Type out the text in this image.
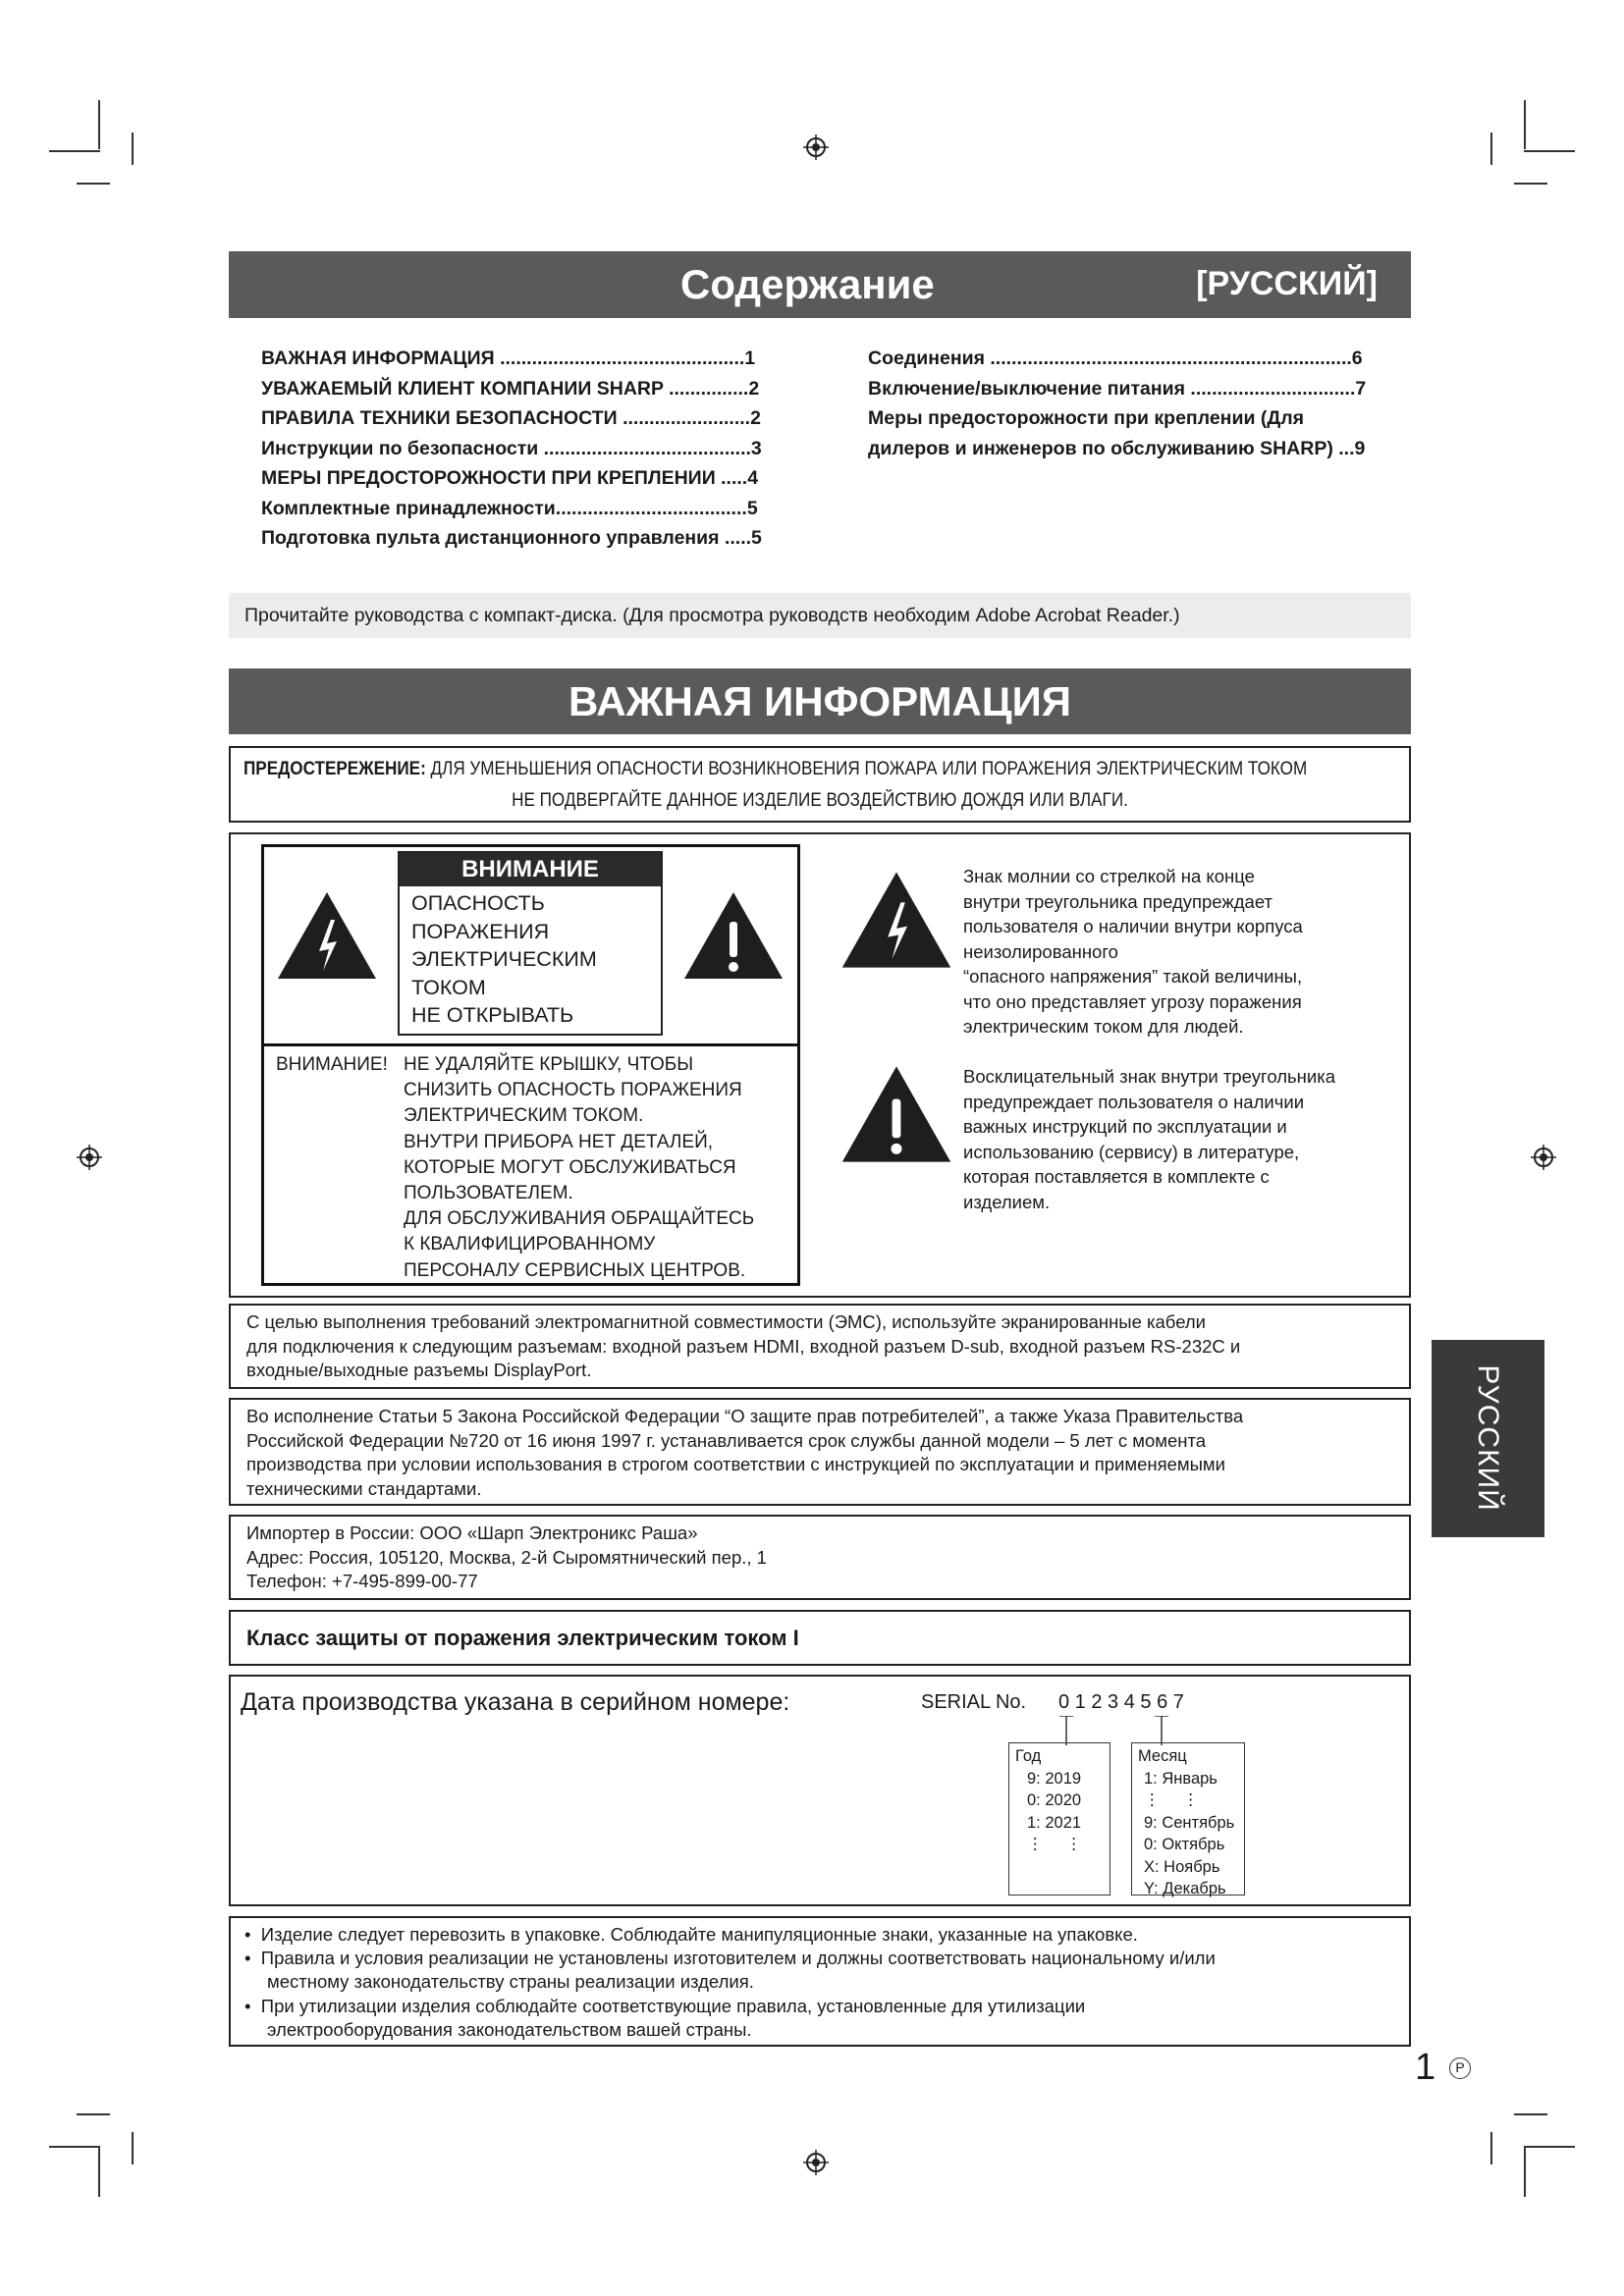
Содержание	[РУССКИЙ]
ВАЖНАЯ ИНФОРМАЦИЯ ..............................................1
УВАЖАЕМЫЙ КЛИЕНТ КОМПАНИИ SHARP ...............2
ПРАВИЛА ТЕХНИКИ БЕЗОПАСНОСТИ ........................2
Инструкции по безопасности .......................................3
МЕРЫ ПРЕДОСТОРОЖНОСТИ ПРИ КРЕПЛЕНИИ .....4
Комплектные принадлежности....................................5
Подготовка пульта дистанционного управления .....5
Соединения ....................................................................6
Включение/выключение питания ...............................7
Меры предосторожности при креплении (Для
дилеров и инженеров по обслуживанию SHARP) ...9
Прочитайте руководства с компакт-диска. (Для просмотра руководств необходим Adobe Acrobat Reader.)
ВАЖНАЯ ИНФОРМАЦИЯ
ПРЕДОСТЕРЕЖЕНИЕ: ДЛЯ УМЕНЬШЕНИЯ ОПАСНОСТИ ВОЗНИКНОВЕНИЯ ПОЖАРА ИЛИ ПОРАЖЕНИЯ ЭЛЕКТРИЧЕСКИМ ТОКОМ
НЕ ПОДВЕРГАЙТЕ ДАННОЕ ИЗДЕЛИЕ ВОЗДЕЙСТВИЮ ДОЖДЯ ИЛИ ВЛАГИ.
ВНИМАНИЕ
ОПАСНОСТЬ
ПОРАЖЕНИЯ
ЭЛЕКТРИЧЕСКИМ
ТОКОМ
НЕ ОТКРЫВАТЬ
ВНИМАНИЕ! НЕ УДАЛЯЙТЕ КРЫШКУ, ЧТОБЫ
СНИЗИТЬ ОПАСНОСТЬ ПОРАЖЕНИЯ
ЭЛЕКТРИЧЕСКИМ ТОКОМ.
ВНУТРИ ПРИБОРА НЕТ ДЕТАЛЕЙ,
КОТОРЫЕ МОГУТ ОБСЛУЖИВАТЬСЯ
ПОЛЬЗОВАТЕЛЕМ.
ДЛЯ ОБСЛУЖИВАНИЯ ОБРАЩАЙТЕСЬ
К КВАЛИФИЦИРОВАННОМУ
ПЕРСОНАЛУ СЕРВИСНЫХ ЦЕНТРОВ.
Знак молнии со стрелкой на конце
внутри треугольника предупреждает
пользователя о наличии внутри корпуса
неизолированного
“опасного напряжения” такой величины,
что оно представляет угрозу поражения
электрическим током для людей.
Восклицательный знак внутри треугольника
предупреждает пользователя о наличии
важных инструкций по эксплуатации и
использованию (сервису) в литературе,
которая поставляется в комплекте с
изделием.
С целью выполнения требований электромагнитной совместимости (ЭМС), используйте экранированные кабели
для подключения к следующим разъемам: входной разъем HDMI, входной разъем D-sub, входной разъем RS-232C и
входные/выходные разъемы DisplayPort.
Во исполнение Статьи 5 Закона Российской Федерации “О защите прав потребителей”, а также Указа Правительства
Российской Федерации №720 от 16 июня 1997 г. устанавливается срок службы данной модели – 5 лет с момента
производства при условии использования в строгом соответствии с инструкцией по эксплуатации и применяемыми
техническими стандартами.
Импортер в России: ООО «Шарп Электроникс Раша»
Адрес: Россия, 105120, Москва, 2-й Сыромятнический пер., 1
Телефон: +7-495-899-00-77
Класс защиты от поражения электрическим током I
Дата производства указана в серийном номере:	SERIAL No. 0 1 2 3 4 5 6 7
Год
9: 2019
0: 2020
1: 2021
⋮     ⋮
Месяц
1: Январь
⋮     ⋮
9: Сентябрь
0: Октябрь
X: Ноябрь
Y: Декабрь
•  Изделие следует перевозить в упаковке. Соблюдайте манипуляционные знаки, указанные на упаковке.
•  Правила и условия реализации не установлены изготовителем и должны соответствовать национальному и/или
местному законодательству страны реализации изделия.
•  При утилизации изделия соблюдайте соответствующие правила, установленные для утилизации
электрооборудования законодательством вашей страны.
РУССКИЙ
1	P
